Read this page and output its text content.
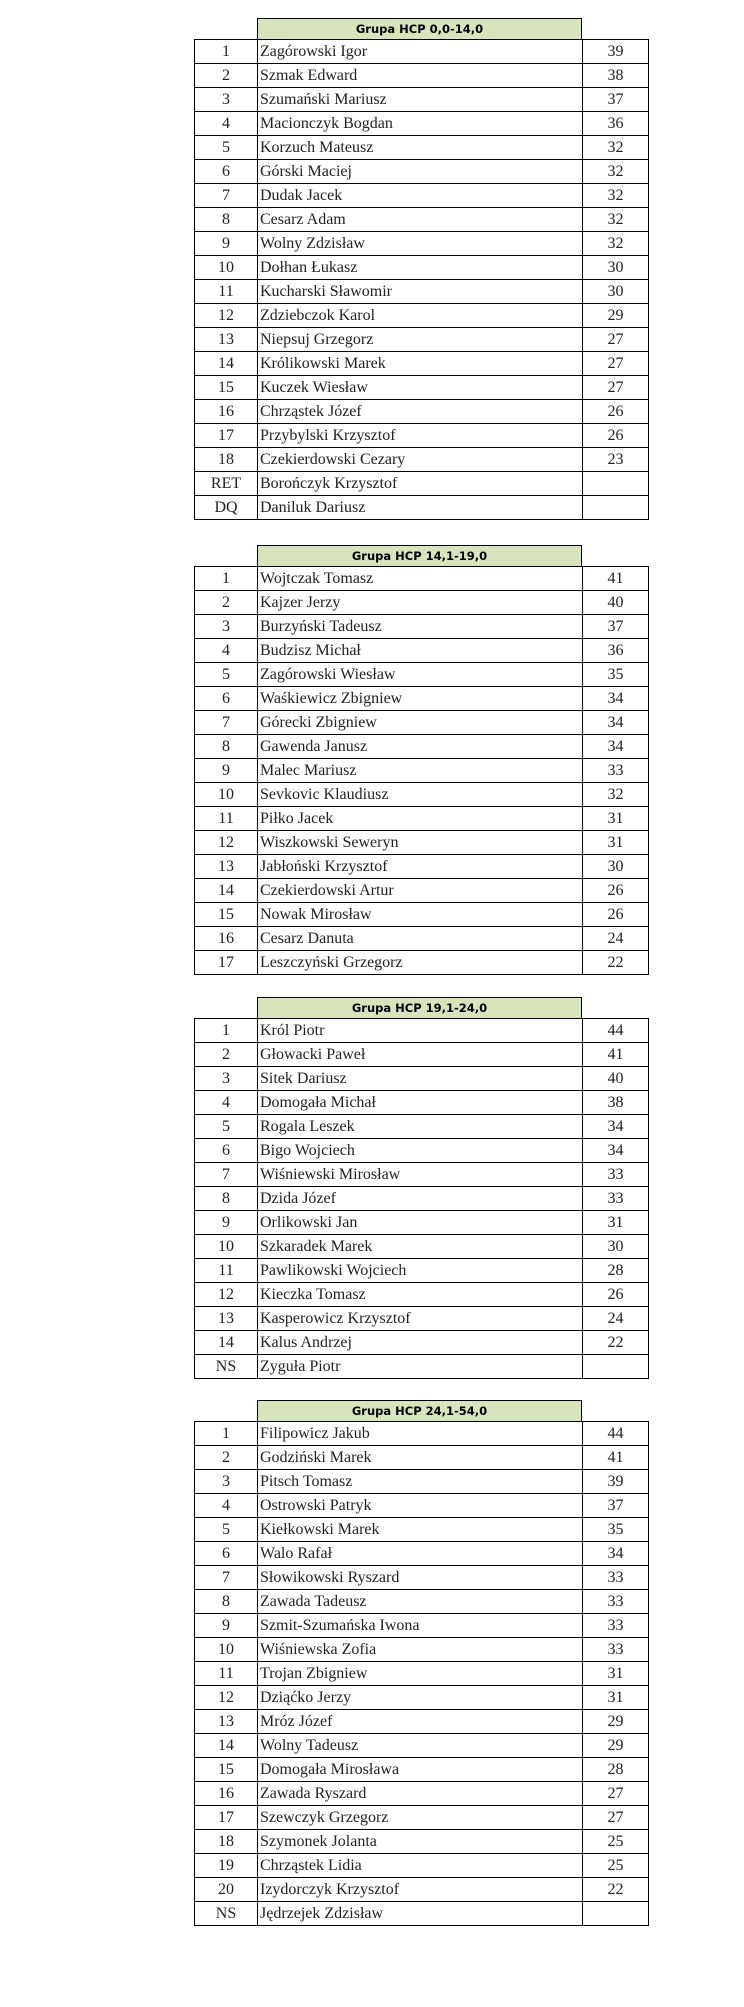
Grupa HCP 0,0-14,0
1	Zagórowski Igor	39
2	Szmak Edward	38
3	Szumański Mariusz	37
4	Macionczyk Bogdan	36
5	Korzuch Mateusz	32
6	Górski Maciej	32
7	Dudak Jacek	32
8	Cesarz Adam	32
9	Wolny Zdzisław	32
10	Dołhan Łukasz	30
11	Kucharski Sławomir	30
12	Zdziebczok Karol	29
13	Niepsuj Grzegorz	27
14	Królikowski Marek	27
15	Kuczek Wiesław	27
16	Chrząstek Józef	26
17	Przybylski Krzysztof	26
18	Czekierdowski Cezary	23
RET	Borończyk Krzysztof	
DQ	Daniluk Dariusz	
Grupa HCP 14,1-19,0
1	Wojtczak Tomasz	41
2	Kajzer Jerzy	40
3	Burzyński Tadeusz	37
4	Budzisz Michał	36
5	Zagórowski Wiesław	35
6	Waśkiewicz Zbigniew	34
7	Górecki Zbigniew	34
8	Gawenda Janusz	34
9	Malec Mariusz	33
10	Sevkovic Klaudiusz	32
11	Piłko Jacek	31
12	Wiszkowski Seweryn	31
13	Jabłoński Krzysztof	30
14	Czekierdowski Artur	26
15	Nowak Mirosław	26
16	Cesarz Danuta	24
17	Leszczyński Grzegorz	22
Grupa HCP 19,1-24,0
1	Król Piotr	44
2	Głowacki Paweł	41
3	Sitek Dariusz	40
4	Domogała Michał	38
5	Rogala Leszek	34
6	Bigo Wojciech	34
7	Wiśniewski Mirosław	33
8	Dzida Józef	33
9	Orlikowski Jan	31
10	Szkaradek Marek	30
11	Pawlikowski Wojciech	28
12	Kieczka Tomasz	26
13	Kasperowicz Krzysztof	24
14	Kalus Andrzej	22
NS	Zyguła Piotr	
Grupa HCP 24,1-54,0
1	Filipowicz Jakub	44
2	Godziński Marek	41
3	Pitsch Tomasz	39
4	Ostrowski Patryk	37
5	Kiełkowski Marek	35
6	Walo Rafał	34
7	Słowikowski Ryszard	33
8	Zawada Tadeusz	33
9	Szmit-Szumańska Iwona	33
10	Wiśniewska Zofia	33
11	Trojan Zbigniew	31
12	Dziąćko Jerzy	31
13	Mróz Józef	29
14	Wolny Tadeusz	29
15	Domogała Mirosława	28
16	Zawada Ryszard	27
17	Szewczyk Grzegorz	27
18	Szymonek Jolanta	25
19	Chrząstek Lidia	25
20	Izydorczyk Krzysztof	22
NS	Jędrzejek Zdzisław	
